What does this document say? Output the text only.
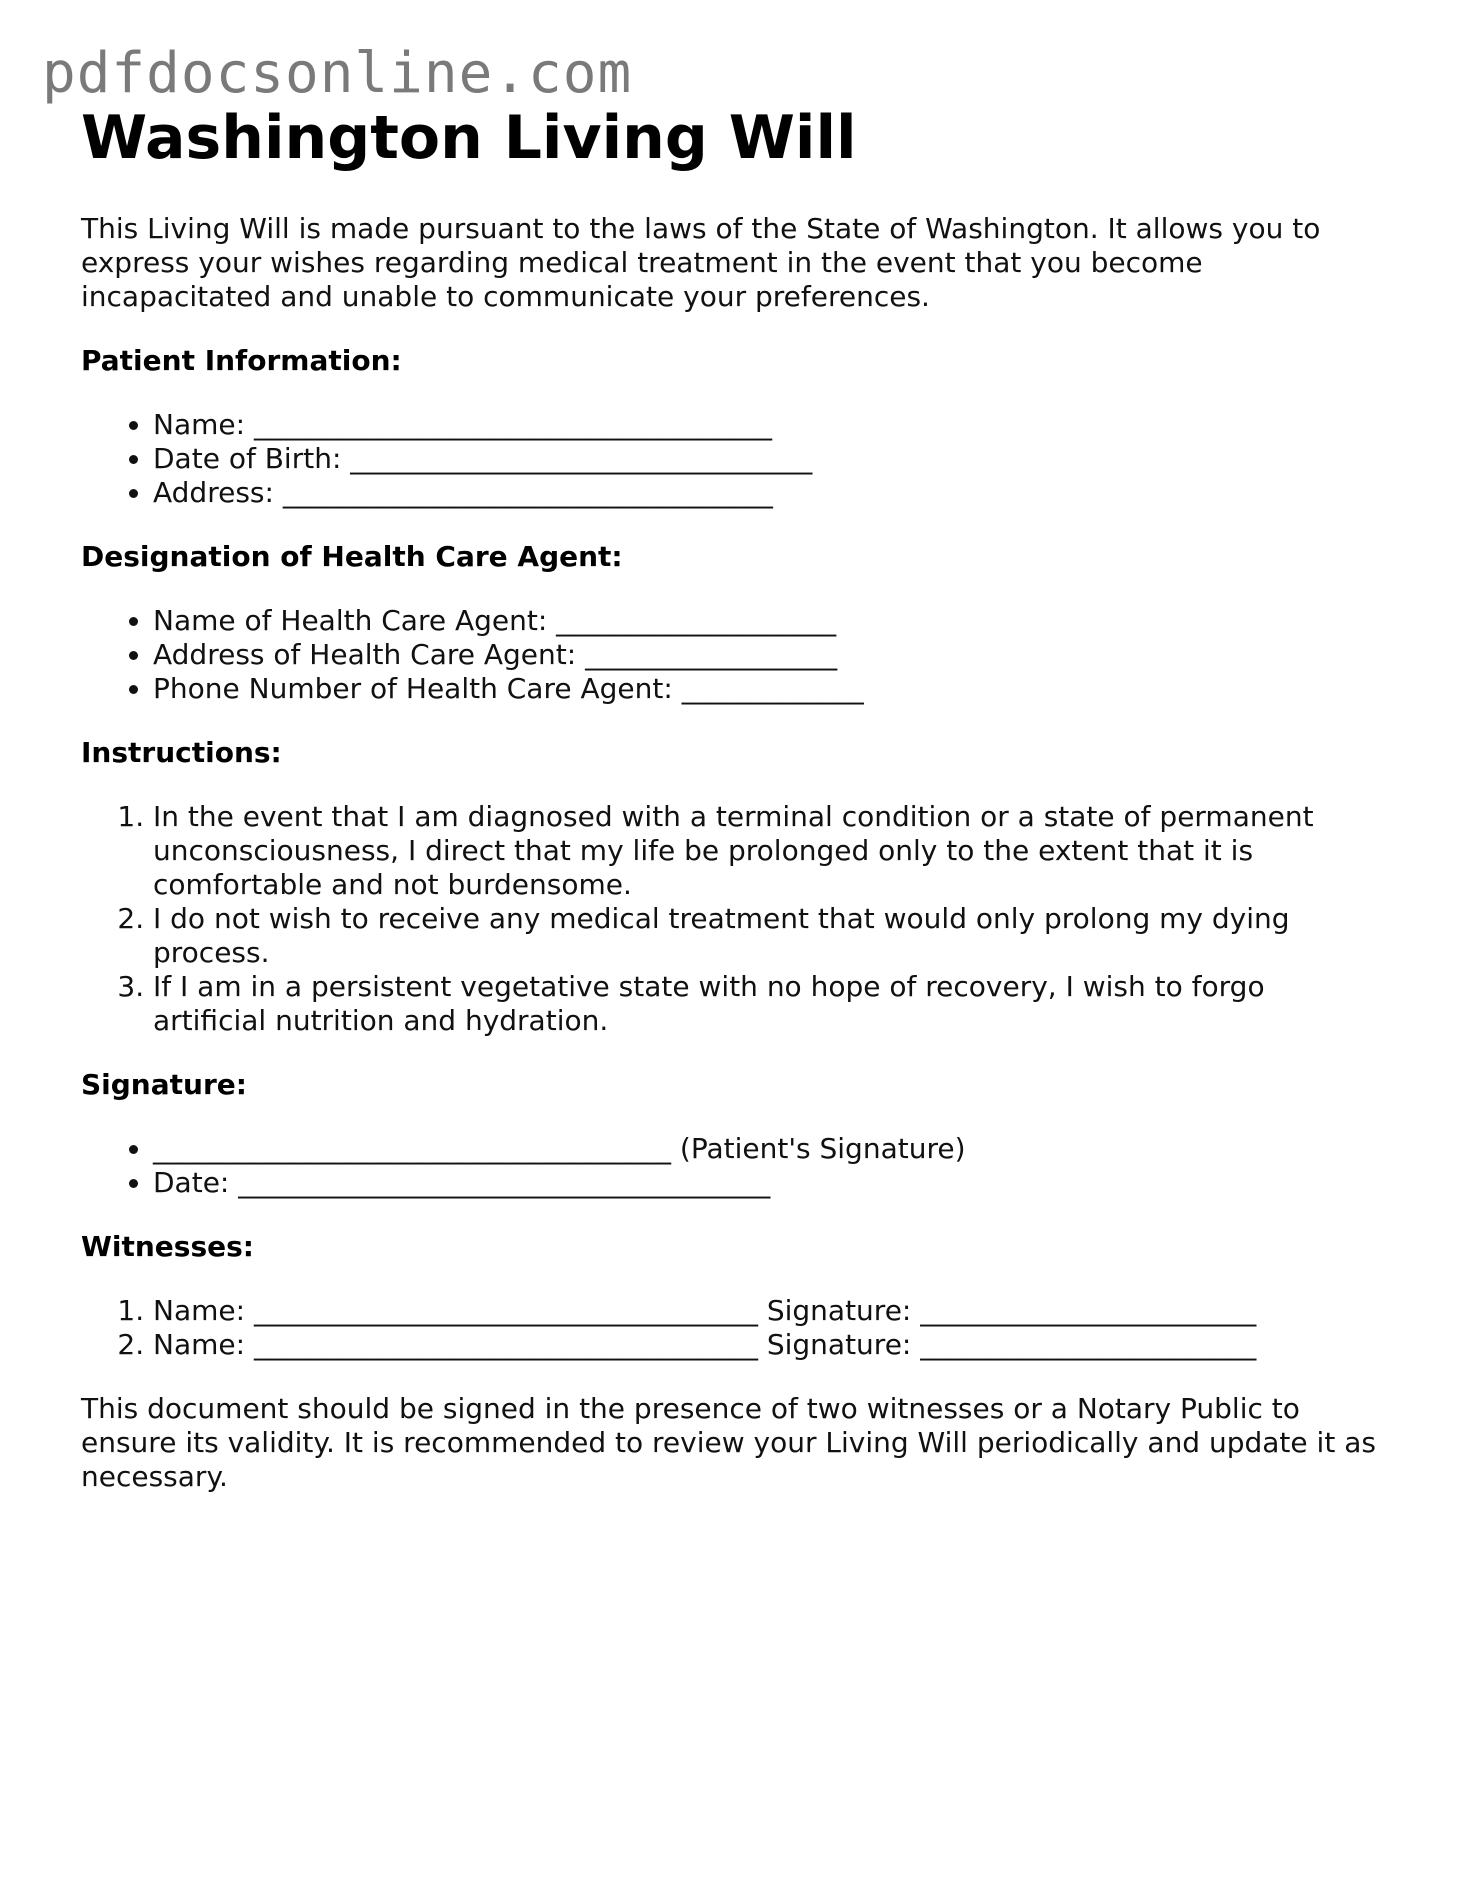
pdfdocsonline.com
Washington Living Will

This Living Will is made pursuant to the laws of the State of Washington. It allows you to express your wishes regarding medical treatment in the event that you become incapacitated and unable to communicate your preferences.

Patient Information:
• Name: _____________________________________
• Date of Birth: _________________________________
• Address: ___________________________________
Designation of Health Care Agent:
• Name of Health Care Agent: ____________________
• Address of Health Care Agent: __________________
• Phone Number of Health Care Agent: _____________
Instructions:
1. In the event that I am diagnosed with a terminal condition or a state of permanent unconsciousness, I direct that my life be prolonged only to the extent that it is comfortable and not burdensome.
2. I do not wish to receive any medical treatment that would only prolong my dying process.
3. If I am in a persistent vegetative state with no hope of recovery, I wish to forgo artificial nutrition and hydration.
Signature:
• _____________________________________ (Patient's Signature)
• Date: ______________________________________
Witnesses:
1. Name: ____________________________________ Signature: ________________________
2. Name: ____________________________________ Signature: ________________________

This document should be signed in the presence of two witnesses or a Notary Public to ensure its validity. It is recommended to review your Living Will periodically and update it as necessary.
